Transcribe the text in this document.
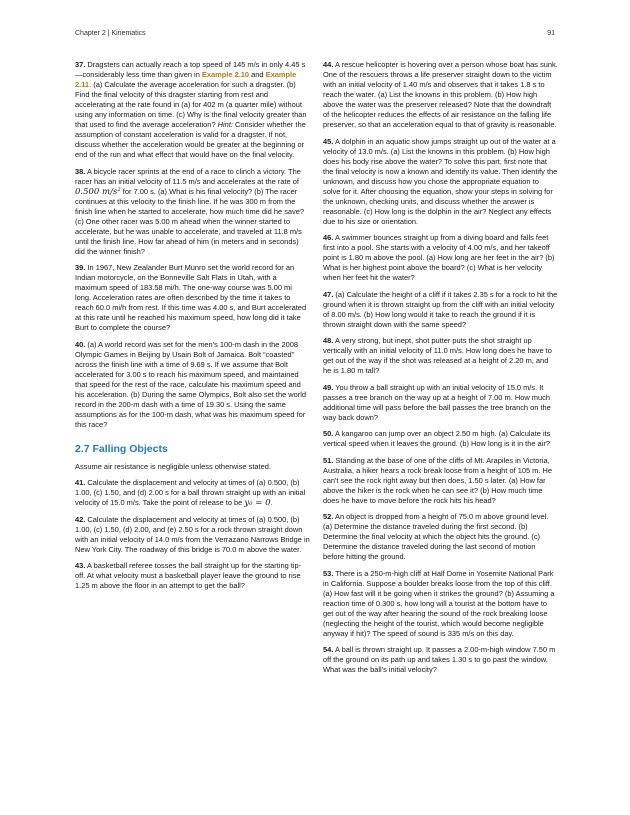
Chapter 2 | Kinematics	91

37. Dragsters can actually reach a top speed of 145 m/s in only 4.45 s—considerably less time than given in Example 2.10 and Example 2.11. (a) Calculate the average acceleration for such a dragster. (b) Find the final velocity of this dragster starting from rest and accelerating at the rate found in (a) for 402 m (a quarter mile) without using any information on time. (c) Why is the final velocity greater than that used to find the average acceleration? Hint: Consider whether the assumption of constant acceleration is valid for a dragster. If not, discuss whether the acceleration would be greater at the beginning or end of the run and what effect that would have on the final velocity.

38. A bicycle racer sprints at the end of a race to clinch a victory. The racer has an initial velocity of 11.5 m/s and accelerates at the rate of 0.500 m/s² for 7.00 s. (a) What is his final velocity? (b) The racer continues at this velocity to the finish line. If he was 300 m from the finish line when he started to accelerate, how much time did he save? (c) One other racer was 5.00 m ahead when the winner started to accelerate, but he was unable to accelerate, and traveled at 11.8 m/s until the finish line. How far ahead of him (in meters and in seconds) did the winner finish?

39. In 1967, New Zealander Burt Munro set the world record for an Indian motorcycle, on the Bonneville Salt Flats in Utah, with a maximum speed of 183.58 mi/h. The one-way course was 5.00 mi long. Acceleration rates are often described by the time it takes to reach 60.0 mi/h from rest. If this time was 4.00 s, and Burt accelerated at this rate until he reached his maximum speed, how long did it take Burt to complete the course?

40. (a) A world record was set for the men's 100-m dash in the 2008 Olympic Games in Beijing by Usain Bolt of Jamaica. Bolt “coasted” across the finish line with a time of 9.69 s. If we assume that Bolt accelerated for 3.00 s to reach his maximum speed, and maintained that speed for the rest of the race, calculate his maximum speed and his acceleration. (b) During the same Olympics, Bolt also set the world record in the 200-m dash with a time of 19.30 s. Using the same assumptions as for the 100-m dash, what was his maximum speed for this race?

2.7 Falling Objects

Assume air resistance is negligible unless otherwise stated.

41. Calculate the displacement and velocity at times of (a) 0.500, (b) 1.00, (c) 1.50, and (d) 2.00 s for a ball thrown straight up with an initial velocity of 15.0 m/s. Take the point of release to be y₀ = 0.

42. Calculate the displacement and velocity at times of (a) 0.500, (b) 1.00, (c) 1.50, (d) 2.00, and (e) 2.50 s for a rock thrown straight down with an initial velocity of 14.0 m/s from the Verrazano Narrows Bridge in New York City. The roadway of this bridge is 70.0 m above the water.

43. A basketball referee tosses the ball straight up for the starting tip-off. At what velocity must a basketball player leave the ground to rise 1.25 m above the floor in an attempt to get the ball?

44. A rescue helicopter is hovering over a person whose boat has sunk. One of the rescuers throws a life preserver straight down to the victim with an initial velocity of 1.40 m/s and observes that it takes 1.8 s to reach the water. (a) List the knowns in this problem. (b) How high above the water was the preserver released? Note that the downdraft of the helicopter reduces the effects of air resistance on the falling life preserver, so that an acceleration equal to that of gravity is reasonable.

45. A dolphin in an aquatic show jumps straight up out of the water at a velocity of 13.0 m/s. (a) List the knowns in this problem. (b) How high does his body rise above the water? To solve this part, first note that the final velocity is now a known and identify its value. Then identify the unknown, and discuss how you chose the appropriate equation to solve for it. After choosing the equation, show your steps in solving for the unknown, checking units, and discuss whether the answer is reasonable. (c) How long is the dolphin in the air? Neglect any effects due to his size or orientation.

46. A swimmer bounces straight up from a diving board and falls feet first into a pool. She starts with a velocity of 4.00 m/s, and her takeoff point is 1.80 m above the pool. (a) How long are her feet in the air? (b) What is her highest point above the board? (c) What is her velocity when her feet hit the water?

47. (a) Calculate the height of a cliff if it takes 2.35 s for a rock to hit the ground when it is thrown straight up from the cliff with an initial velocity of 8.00 m/s. (b) How long would it take to reach the ground if it is thrown straight down with the same speed?

48. A very strong, but inept, shot putter puts the shot straight up vertically with an initial velocity of 11.0 m/s. How long does he have to get out of the way if the shot was released at a height of 2.20 m, and he is 1.80 m tall?

49. You throw a ball straight up with an initial velocity of 15.0 m/s. It passes a tree branch on the way up at a height of 7.00 m. How much additional time will pass before the ball passes the tree branch on the way back down?

50. A kangaroo can jump over an object 2.50 m high. (a) Calculate its vertical speed when it leaves the ground. (b) How long is it in the air?

51. Standing at the base of one of the cliffs of Mt. Arapiles in Victoria, Australia, a hiker hears a rock break loose from a height of 105 m. He can't see the rock right away but then does, 1.50 s later. (a) How far above the hiker is the rock when he can see it? (b) How much time does he have to move before the rock hits his head?

52. An object is dropped from a height of 75.0 m above ground level. (a) Determine the distance traveled during the first second. (b) Determine the final velocity at which the object hits the ground. (c) Determine the distance traveled during the last second of motion before hitting the ground.

53. There is a 250-m-high cliff at Half Dome in Yosemite National Park in California. Suppose a boulder breaks loose from the top of this cliff. (a) How fast will it be going when it strikes the ground? (b) Assuming a reaction time of 0.300 s, how long will a tourist at the bottom have to get out of the way after hearing the sound of the rock breaking loose (neglecting the height of the tourist, which would become negligible anyway if hit)? The speed of sound is 335 m/s on this day.

54. A ball is thrown straight up. It passes a 2.00-m-high window 7.50 m off the ground on its path up and takes 1.30 s to go past the window. What was the ball's initial velocity?
